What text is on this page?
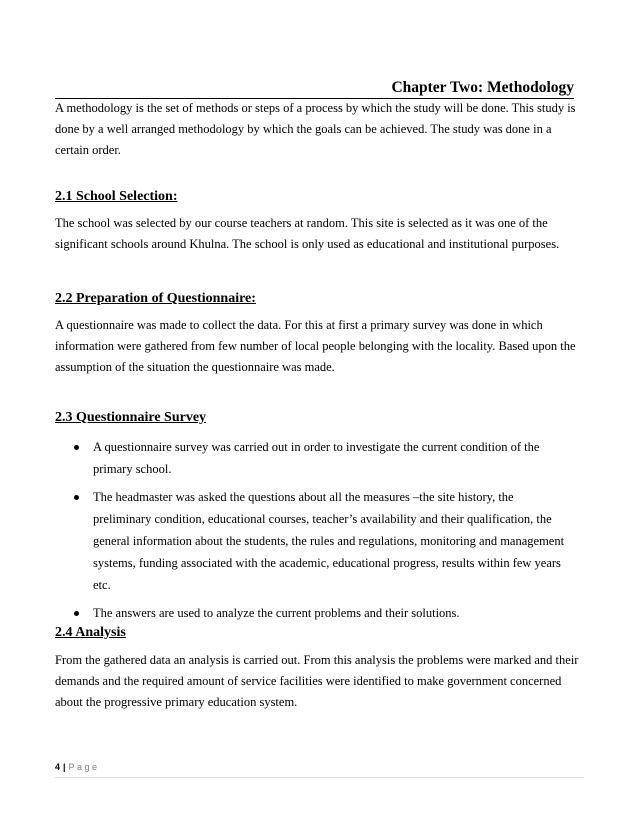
Chapter Two: Methodology

A methodology is the set of methods or steps of a process by which the study will be done. This study is done by a well arranged methodology by which the goals can be achieved. The study was done in a certain order.

2.1 School Selection:

The school was selected by our course teachers at random. This site is selected as it was one of the significant schools around Khulna. The school is only used as educational and institutional purposes.

2.2 Preparation of Questionnaire:

A questionnaire was made to collect the data. For this at first a primary survey was done in which information were gathered from few number of local people belonging with the locality. Based upon the assumption of the situation the questionnaire was made.

2.3 Questionnaire Survey
A questionnaire survey was carried out in order to investigate the current condition of the primary school.
The headmaster was asked the questions about all the measures –the site history, the preliminary condition, educational courses, teacher’s availability and their qualification, the general information about the students, the rules and regulations, monitoring and management systems, funding associated with the academic, educational progress, results within few years etc.
The answers are used to analyze the current problems and their solutions.
2.4 Analysis

From the gathered data an analysis is carried out. From this analysis the problems were marked and their demands and the required amount of service facilities were identified to make government concerned about the progressive primary education system.

4 | Page
